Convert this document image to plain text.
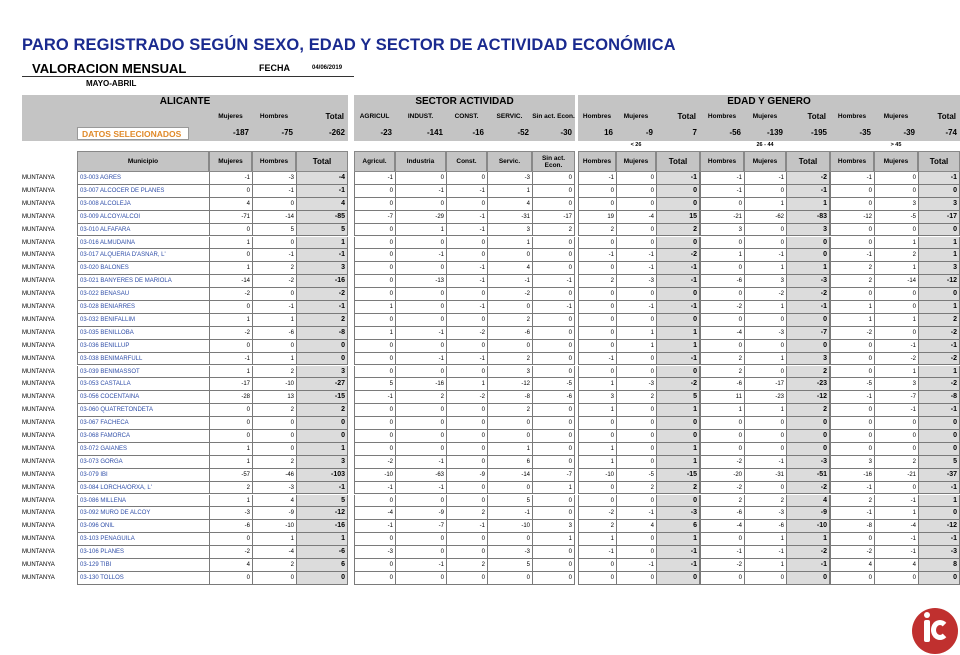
PARO REGISTRADO SEGÚN SEXO, EDAD Y SECTOR DE ACTIVIDAD ECONÓMICA
VALORACION MENSUAL	FECHA	04/06/2019
MAYO-ABRIL
ALICANTE	SECTOR ACTIVIDAD	EDAD Y GENERO
Mujeres	Hombres	Total	AGRICUL	INDUST.	CONST.	SERVIC.	Sin act. Econ.	Hombres	Mujeres	Total	Hombres	Mujeres	Total	Hombres	Mujeres	Total
DATOS SELECIONADOS	-187	-75	-262	-23	-141	-16	-52	-30	16	-9	7	-56	-139	-195	-35	-39	-74
< 26	26 - 44	> 45
Municipio	Mujeres	Hombres	Total	Agricul.	Industria	Const.	Servic.	Sin act. Econ.	Hombres	Mujeres	Total	Hombres	Mujeres	Total	Hombres	Mujeres	Total
MUNTANYA	03-003 AGRES	-1	-3	-4	-1	0	0	-3	0	-1	0	-1	-1	-1	-2	-1	0	-1
MUNTANYA	03-007 ALCOCER DE PLANES	0	-1	-1	0	-1	-1	1	0	0	0	0	-1	0	-1	0	0	0
MUNTANYA	03-008 ALCOLEJA	4	0	4	0	0	0	4	0	0	0	0	0	1	1	0	3	3
MUNTANYA	03-009 ALCOY/ALCOI	-71	-14	-85	-7	-29	-1	-31	-17	19	-4	15	-21	-62	-83	-12	-5	-17
MUNTANYA	03-010 ALFAFARA	0	5	5	0	1	-1	3	2	2	0	2	3	0	3	0	0	0
MUNTANYA	03-016 ALMUDAINA	1	0	1	0	0	0	1	0	0	0	0	0	0	0	0	1	1
MUNTANYA	03-017 ALQUERIA D'ASNAR, L'	0	-1	-1	0	-1	0	0	0	-1	-1	-2	1	-1	0	-1	2	1
MUNTANYA	03-020 BALONES	1	2	3	0	0	-1	4	0	0	-1	-1	0	1	1	2	1	3
MUNTANYA	03-021 BANYERES DE MARIOLA	-14	-2	-16	0	-13	-1	-1	-1	2	-3	-1	-6	3	-3	2	-14	-12
MUNTANYA	03-022 BENASAU	-2	0	-2	0	0	0	-2	0	0	0	0	0	-2	-2	0	0	0
MUNTANYA	03-028 BENIARRES	0	-1	-1	1	0	-1	0	-1	0	-1	-1	-2	1	-1	1	0	1
MUNTANYA	03-032 BENIFALLIM	1	1	2	0	0	0	2	0	0	0	0	0	0	0	1	1	2
MUNTANYA	03-035 BENILLOBA	-2	-6	-8	1	-1	-2	-6	0	0	1	1	-4	-3	-7	-2	0	-2
MUNTANYA	03-036 BENILLUP	0	0	0	0	0	0	0	0	0	1	1	0	0	0	0	-1	-1
MUNTANYA	03-038 BENIMARFULL	-1	1	0	0	-1	-1	2	0	-1	0	-1	2	1	3	0	-2	-2
MUNTANYA	03-039 BENIMASSOT	1	2	3	0	0	0	3	0	0	0	0	2	0	2	0	1	1
MUNTANYA	03-053 CASTALLA	-17	-10	-27	5	-16	1	-12	-5	1	-3	-2	-6	-17	-23	-5	3	-2
MUNTANYA	03-056 COCENTAINA	-28	13	-15	-1	2	-2	-8	-6	3	2	5	11	-23	-12	-1	-7	-8
MUNTANYA	03-060 QUATRETONDETA	0	2	2	0	0	0	2	0	1	0	1	1	1	2	0	-1	-1
MUNTANYA	03-067 FACHECA	0	0	0	0	0	0	0	0	0	0	0	0	0	0	0	0	0
MUNTANYA	03-068 FAMORCA	0	0	0	0	0	0	0	0	0	0	0	0	0	0	0	0	0
MUNTANYA	03-072 GAIANES	1	0	1	0	0	0	1	0	1	0	1	0	0	0	0	0	0
MUNTANYA	03-073 GORGA	1	2	3	-2	-1	0	6	0	1	0	1	-2	-1	-3	3	2	5
MUNTANYA	03-079 IBI	-57	-46	-103	-10	-63	-9	-14	-7	-10	-5	-15	-20	-31	-51	-16	-21	-37
MUNTANYA	03-084 LORCHA/ORXA, L'	2	-3	-1	-1	-1	0	0	1	0	2	2	-2	0	-2	-1	0	-1
MUNTANYA	03-086 MILLENA	1	4	5	0	0	0	5	0	0	0	0	2	2	4	2	-1	1
MUNTANYA	03-092 MURO DE ALCOY	-3	-9	-12	-4	-9	2	-1	0	-2	-1	-3	-6	-3	-9	-1	1	0
MUNTANYA	03-096 ONIL	-6	-10	-16	-1	-7	-1	-10	3	2	4	6	-4	-6	-10	-8	-4	-12
MUNTANYA	03-103 PENAGUILA	0	1	1	0	0	0	0	1	1	0	1	0	1	1	0	-1	-1
MUNTANYA	03-106 PLANES	-2	-4	-6	-3	0	0	-3	0	-1	0	-1	-1	-1	-2	-2	-1	-3
MUNTANYA	03-129 TIBI	4	2	6	0	-1	2	5	0	0	-1	-1	-2	1	-1	4	4	8
MUNTANYA	03-130 TOLLOS	0	0	0	0	0	0	0	0	0	0	0	0	0	0	0	0	0
